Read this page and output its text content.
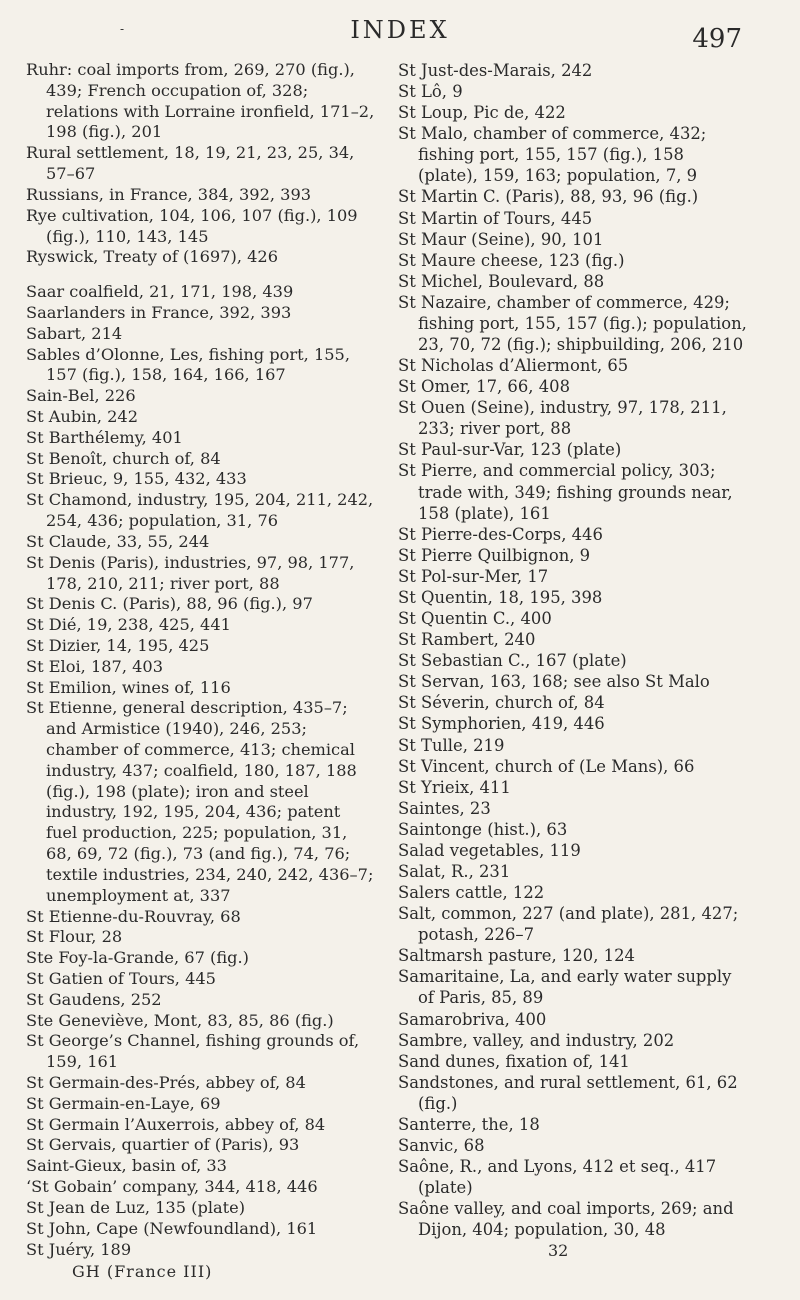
-	INDEX	497

Ruhr: coal imports from, 269, 270 (fig.), 439; French occupation of, 328; relations with Lorraine ironfield, 171–2, 198 (fig.), 201

Rural settlement, 18, 19, 21, 23, 25, 34, 57–67

Russians, in France, 384, 392, 393

Rye cultivation, 104, 106, 107 (fig.), 109 (fig.), 110, 143, 145

Ryswick, Treaty of (1697), 426

Saar coalfield, 21, 171, 198, 439

Saarlanders in France, 392, 393

Sabart, 214

Sables d’Olonne, Les, fishing port, 155, 157 (fig.), 158, 164, 166, 167

Sain-Bel, 226

St Aubin, 242

St Barthélemy, 401

St Benoît, church of, 84

St Brieuc, 9, 155, 432, 433

St Chamond, industry, 195, 204, 211, 242, 254, 436; population, 31, 76

St Claude, 33, 55, 244

St Denis (Paris), industries, 97, 98, 177, 178, 210, 211; river port, 88

St Denis C. (Paris), 88, 96 (fig.), 97

St Dié, 19, 238, 425, 441

St Dizier, 14, 195, 425

St Eloi, 187, 403

St Emilion, wines of, 116

St Etienne, general description, 435–7; and Armistice (1940), 246, 253; chamber of commerce, 413; chemical industry, 437; coalfield, 180, 187, 188 (fig.), 198 (plate); iron and steel industry, 192, 195, 204, 436; patent fuel production, 225; population, 31, 68, 69, 72 (fig.), 73 (and fig.), 74, 76; textile industries, 234, 240, 242, 436–7; unemployment at, 337

St Etienne-du-Rouvray, 68

St Flour, 28

Ste Foy-la-Grande, 67 (fig.)

St Gatien of Tours, 445

St Gaudens, 252

Ste Geneviève, Mont, 83, 85, 86 (fig.)

St George’s Channel, fishing grounds of, 159, 161

St Germain-des-Prés, abbey of, 84

St Germain-en-Laye, 69

St Germain l’Auxerrois, abbey of, 84

St Gervais, quartier of (Paris), 93

Saint-Gieux, basin of, 33

‘St Gobain’ company, 344, 418, 446

St Jean de Luz, 135 (plate)

St John, Cape (Newfoundland), 161

St Juéry, 189

GH (France III)

St Just-des-Marais, 242

St Lô, 9

St Loup, Pic de, 422

St Malo, chamber of commerce, 432; fishing port, 155, 157 (fig.), 158 (plate), 159, 163; population, 7, 9

St Martin C. (Paris), 88, 93, 96 (fig.)

St Martin of Tours, 445

St Maur (Seine), 90, 101

St Maure cheese, 123 (fig.)

St Michel, Boulevard, 88

St Nazaire, chamber of commerce, 429; fishing port, 155, 157 (fig.); population, 23, 70, 72 (fig.); shipbuilding, 206, 210

St Nicholas d’Aliermont, 65

St Omer, 17, 66, 408

St Ouen (Seine), industry, 97, 178, 211, 233; river port, 88

St Paul-sur-Var, 123 (plate)

St Pierre, and commercial policy, 303; trade with, 349; fishing grounds near, 158 (plate), 161

St Pierre-des-Corps, 446

St Pierre Quilbignon, 9

St Pol-sur-Mer, 17

St Quentin, 18, 195, 398

St Quentin C., 400

St Rambert, 240

St Sebastian C., 167 (plate)

St Servan, 163, 168; see also St Malo

St Séverin, church of, 84

St Symphorien, 419, 446

St Tulle, 219

St Vincent, church of (Le Mans), 66

St Yrieix, 411

Saintes, 23

Saintonge (hist.), 63

Salad vegetables, 119

Salat, R., 231

Salers cattle, 122

Salt, common, 227 (and plate), 281, 427; potash, 226–7

Saltmarsh pasture, 120, 124

Samaritaine, La, and early water supply of Paris, 85, 89

Samarobriva, 400

Sambre, valley, and industry, 202

Sand dunes, fixation of, 141

Sandstones, and rural settlement, 61, 62 (fig.)

Santerre, the, 18

Sanvic, 68

Saône, R., and Lyons, 412 et seq., 417 (plate)

Saône valley, and coal imports, 269; and Dijon, 404; population, 30, 48

32
